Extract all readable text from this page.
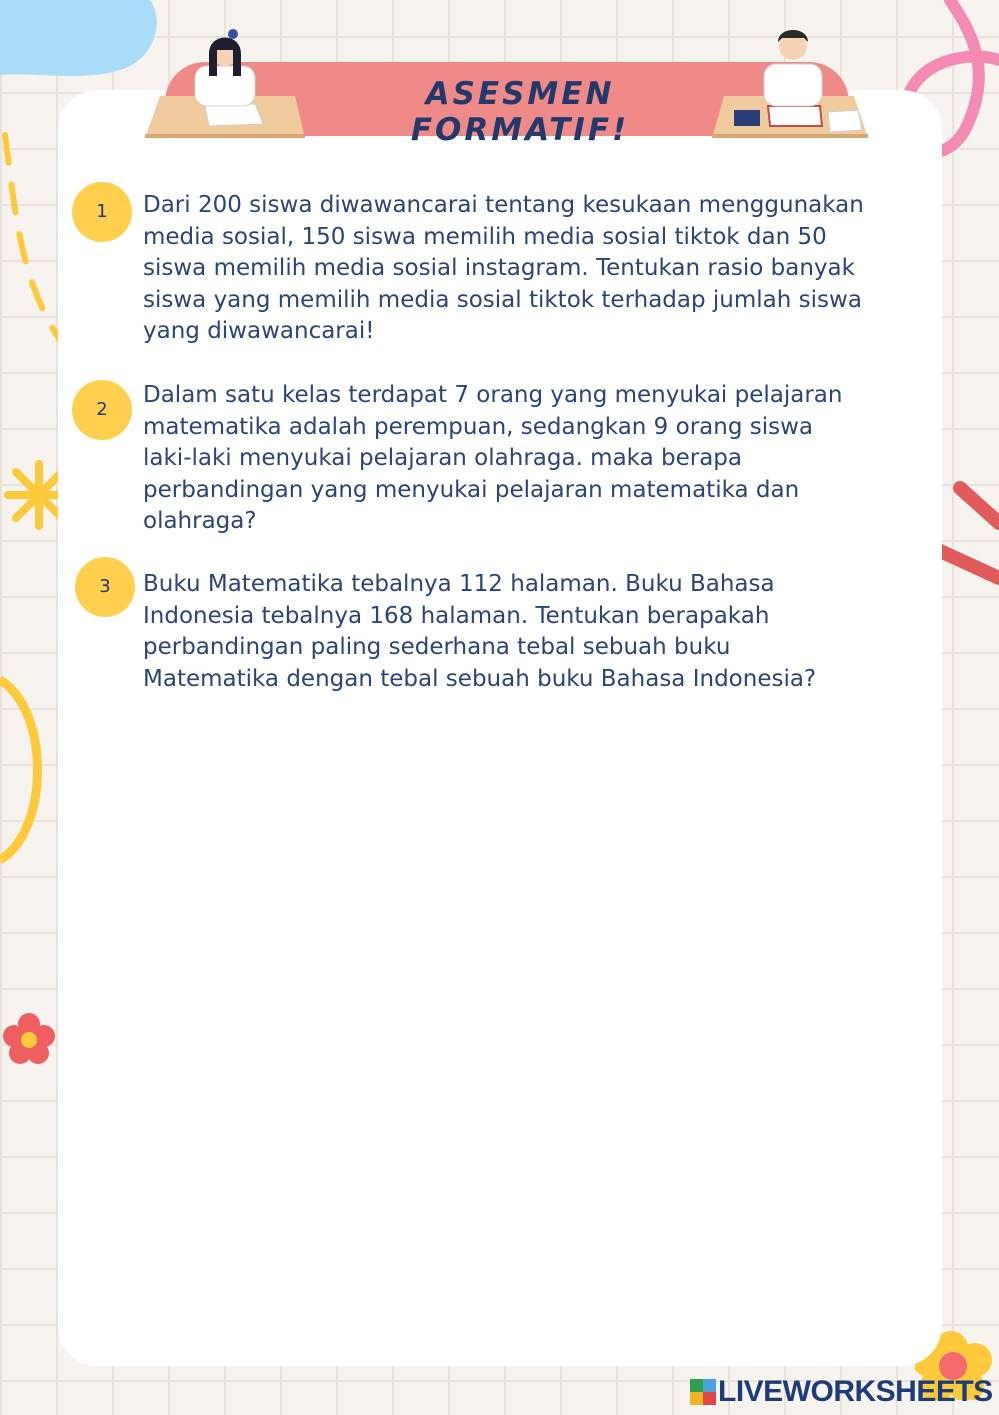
ASESMEN FORMATIF!
1	Dari 200 siswa diwawancarai tentang kesukaan menggunakan
media sosial, 150 siswa memilih media sosial tiktok dan 50
siswa memilih media sosial instagram. Tentukan rasio banyak
siswa yang memilih media sosial tiktok terhadap jumlah siswa
yang diwawancarai!

2

Dalam satu kelas terdapat 7 orang yang menyukai pelajaran
matematika adalah perempuan, sedangkan 9 orang siswa
laki-laki menyukai pelajaran olahraga. maka berapa
perbandingan yang menyukai pelajaran matematika dan
olahraga?

3	Buku Matematika tebalnya 112 halaman. Buku Bahasa
Indonesia tebalnya 168 halaman. Tentukan berapakah
perbandingan paling sederhana tebal sebuah buku
Matematika dengan tebal sebuah buku Bahasa Indonesia?

LIVEWORKSHEETS
